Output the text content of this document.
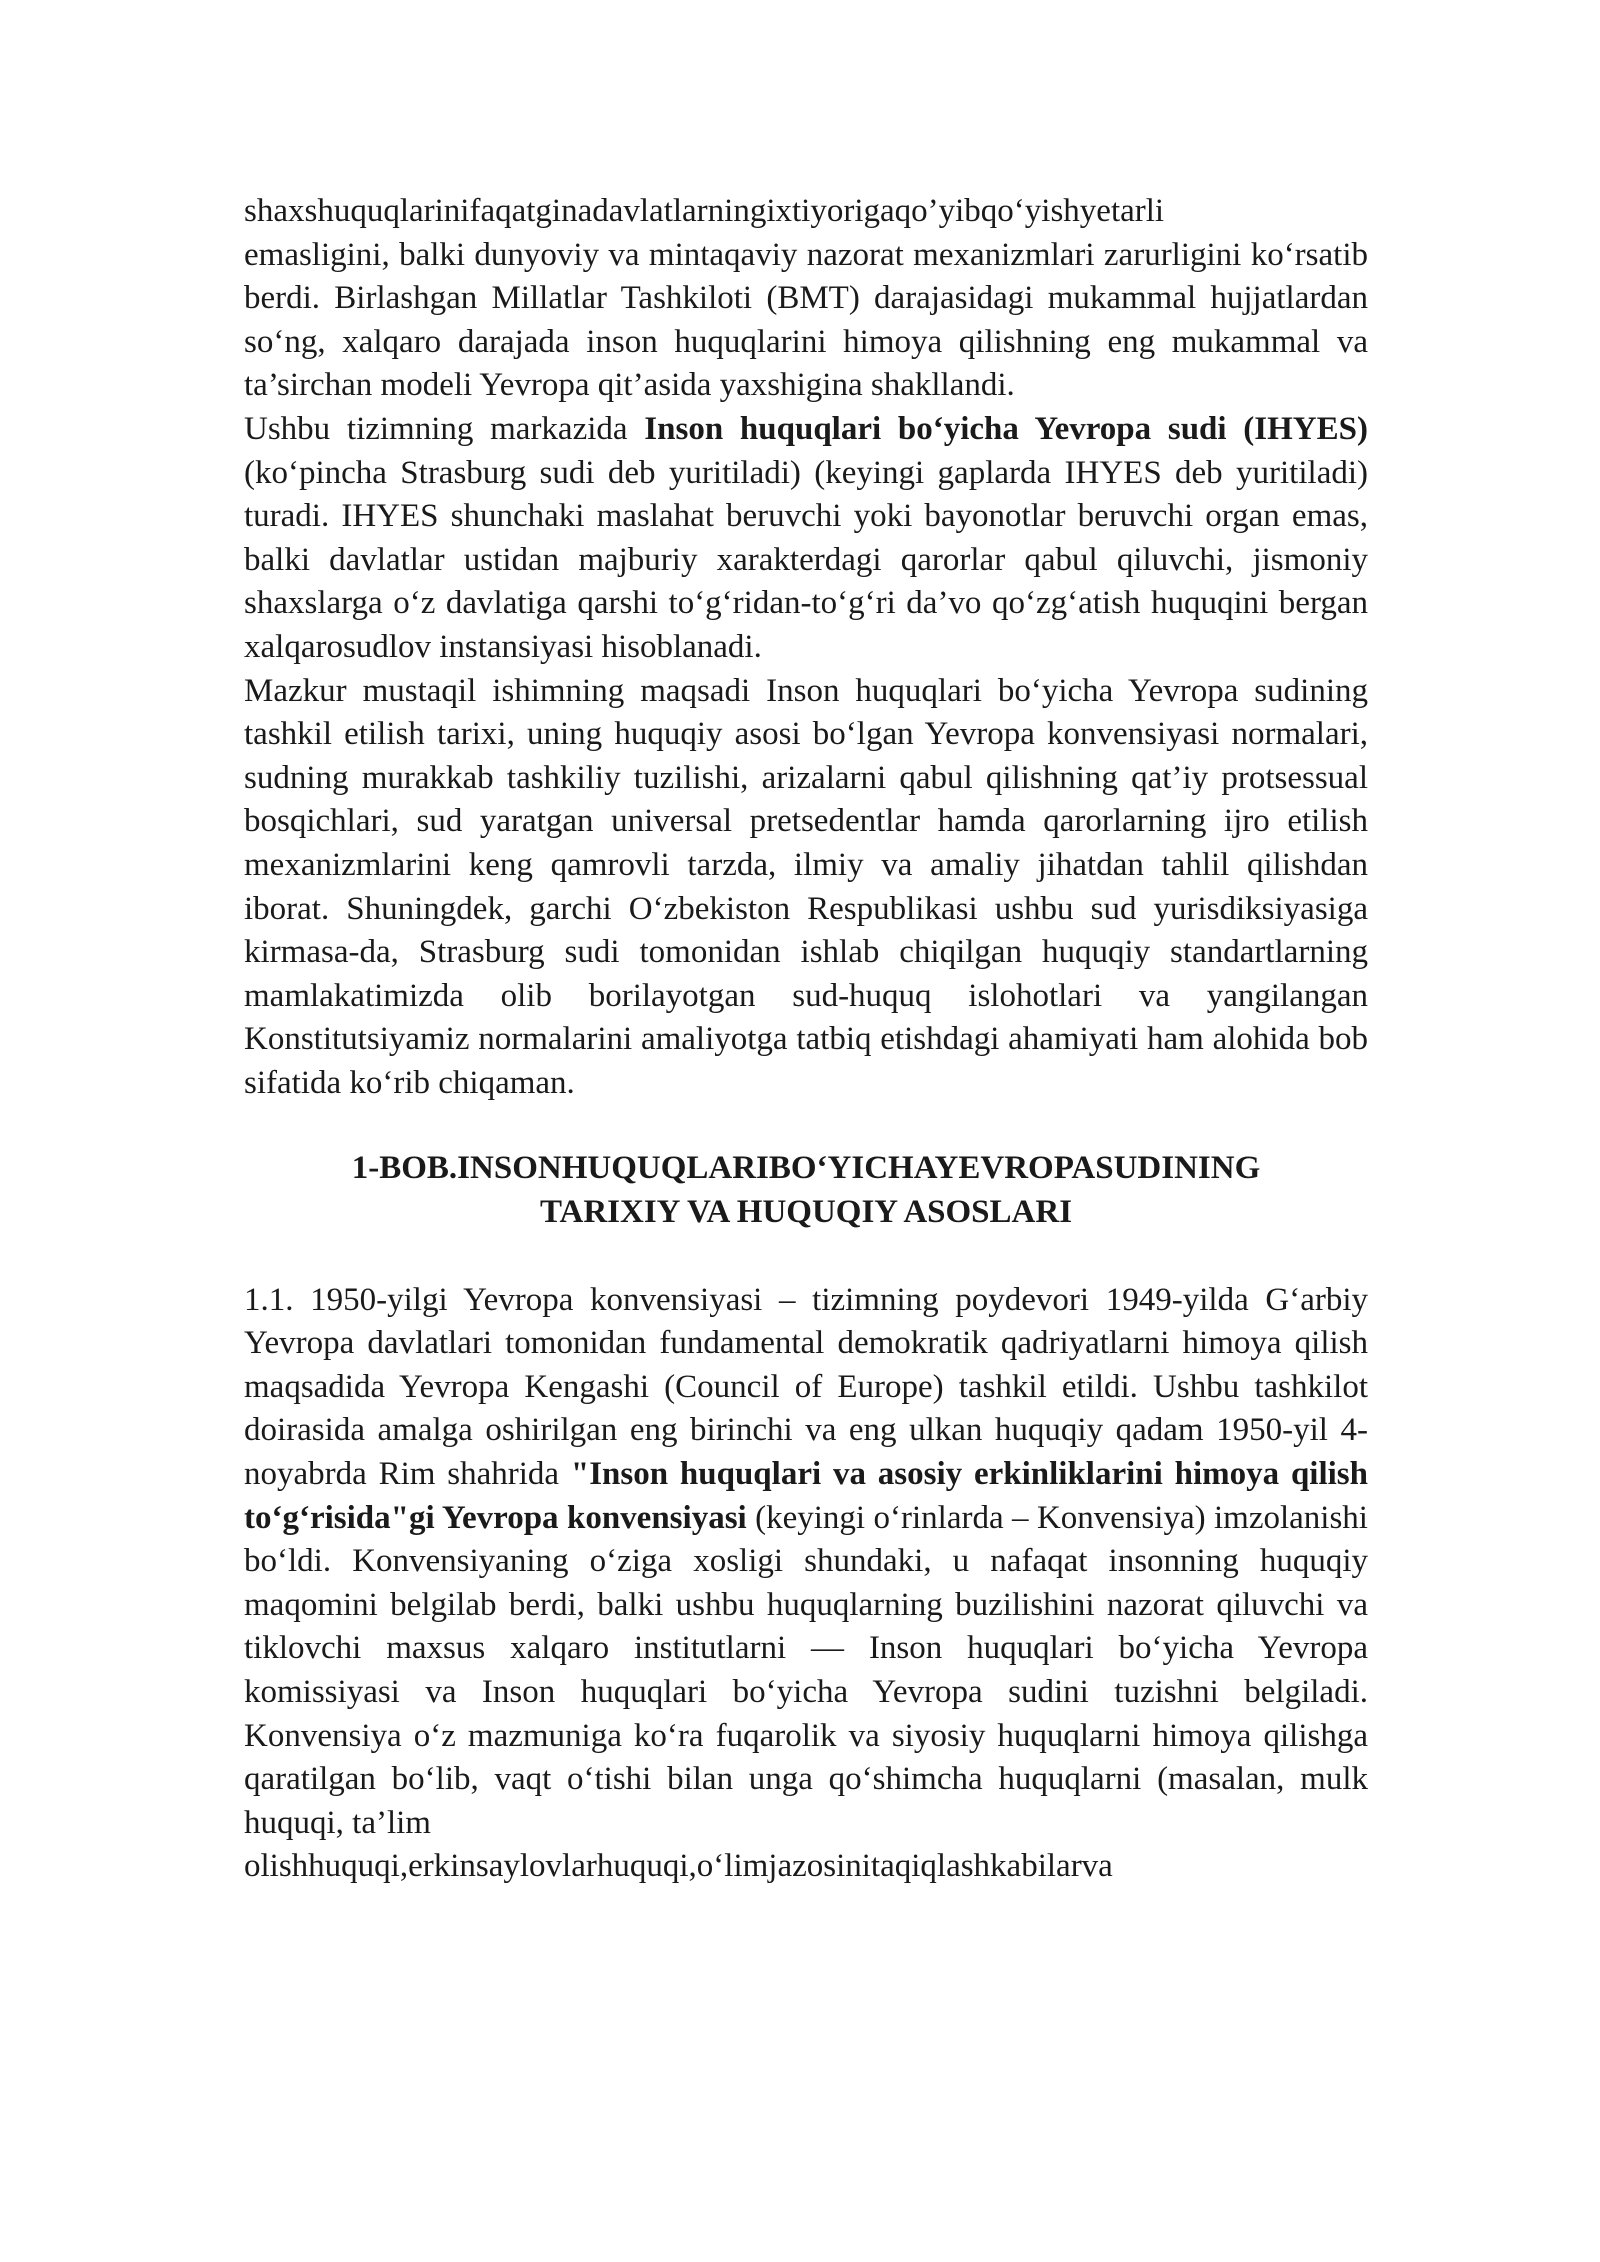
shaxshuquqlarinifaqatginadavlatlarningixtiyorigaqo’yibqo‘yishyetarli
emasligini, balki dunyoviy va mintaqaviy nazorat mexanizmlari zarurligini ko‘rsatib berdi. Birlashgan Millatlar Tashkiloti (BMT) darajasidagi mukammal hujjatlardan so‘ng, xalqaro darajada inson huquqlarini himoya qilishning eng mukammal va ta’sirchan modeli Yevropa qit’asida yaxshigina shakllandi.

Ushbu tizimning markazida Inson huquqlari bo‘yicha Yevropa sudi (IHYES) (ko‘pincha Strasburg sudi deb yuritiladi) (keyingi gaplarda IHYES deb yuritiladi) turadi. IHYES shunchaki maslahat beruvchi yoki bayonotlar beruvchi organ emas, balki davlatlar ustidan majburiy xarakterdagi qarorlar qabul qiluvchi, jismoniy shaxslarga o‘z davlatiga qarshi to‘g‘ridan-to‘g‘ri da’vo qo‘zg‘atish huquqini bergan xalqarosudlov instansiyasi hisoblanadi.

Mazkur mustaqil ishimning maqsadi Inson huquqlari bo‘yicha Yevropa sudining tashkil etilish tarixi, uning huquqiy asosi bo‘lgan Yevropa konvensiyasi normalari, sudning murakkab tashkiliy tuzilishi, arizalarni qabul qilishning qat’iy protsessual bosqichlari, sud yaratgan universal pretsedentlar hamda qarorlarning ijro etilish mexanizmlarini keng qamrovli tarzda, ilmiy va amaliy jihatdan tahlil qilishdan iborat. Shuningdek, garchi O‘zbekiston Respublikasi ushbu sud yurisdiksiyasiga kirmasa-da, Strasburg sudi tomonidan ishlab chiqilgan huquqiy standartlarning mamlakatimizda olib borilayotgan sud-huquq islohotlari va yangilangan Konstitutsiyamiz normalarini amaliyotga tatbiq etishdagi ahamiyati ham alohida bob sifatida ko‘rib chiqaman.

1-BOB.INSONHUQUQLARIBO‘YICHAYEVROPASUDINING
TARIXIY VA HUQUQIY ASOSLARI

1.1. 1950-yilgi Yevropa konvensiyasi – tizimning poydevori 1949-yilda G‘arbiy Yevropa davlatlari tomonidan fundamental demokratik qadriyatlarni himoya qilish maqsadida Yevropa Kengashi (Council of Europe) tashkil etildi. Ushbu tashkilot doirasida amalga oshirilgan eng birinchi va eng ulkan huquqiy qadam 1950-yil 4-noyabrda Rim shahrida "Inson huquqlari va asosiy erkinliklarini himoya qilish to‘g‘risida"gi Yevropa konvensiyasi (keyingi o‘rinlarda – Konvensiya) imzolanishi bo‘ldi. Konvensiyaning o‘ziga xosligi shundaki, u nafaqat insonning huquqiy maqomini belgilab berdi, balki ushbu huquqlarning buzilishini nazorat qiluvchi va tiklovchi maxsus xalqaro institutlarni — Inson huquqlari bo‘yicha Yevropa komissiyasi va Inson huquqlari bo‘yicha Yevropa sudini tuzishni belgiladi. Konvensiya o‘z mazmuniga ko‘ra fuqarolik va siyosiy huquqlarni himoya qilishga qaratilgan bo‘lib, vaqt o‘tishi bilan unga qo‘shimcha huquqlarni (masalan, mulk huquqi, ta’lim
olishhuquqi,erkinsaylovlarhuquqi,o‘limjazosinitaqiqlashkabilarva
